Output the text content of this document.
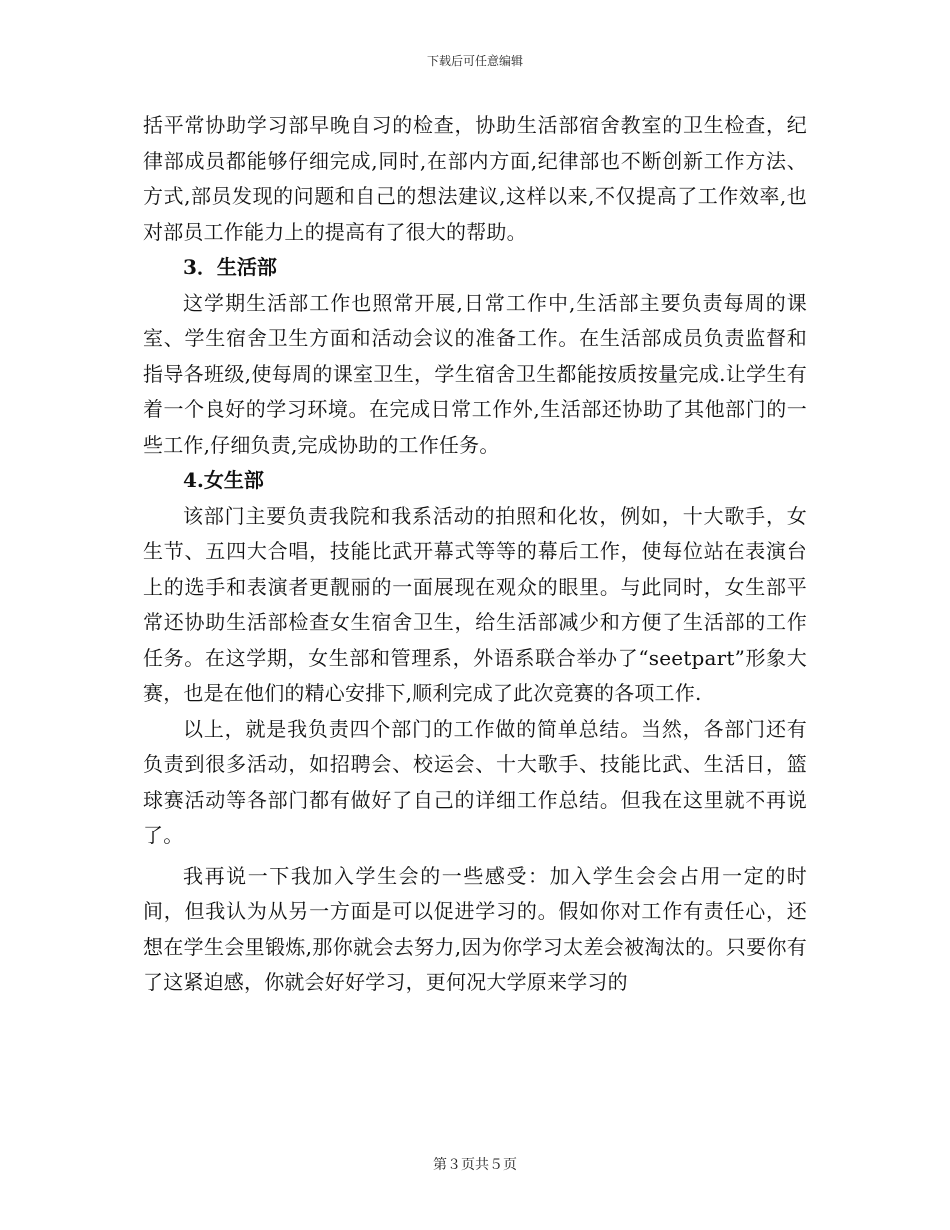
下载后可任意编辑

括平常协助学习部早晚自习的检查，协助生活部宿舍教室的卫生检查，纪律部成员都能够仔细完成,同时,在部内方面,纪律部也不断创新工作方法、方式,部员发现的问题和自己的想法建议,这样以来,不仅提高了工作效率,也对部员工作能力上的提高有了很大的帮助。

3．生活部

这学期生活部工作也照常开展,日常工作中,生活部主要负责每周的课室、学生宿舍卫生方面和活动会议的准备工作。在生活部成员负责监督和指导各班级,使每周的课室卫生，学生宿舍卫生都能按质按量完成.让学生有着一个良好的学习环境。在完成日常工作外,生活部还协助了其他部门的一些工作,仔细负责,完成协助的工作任务。

4.女生部

该部门主要负责我院和我系活动的拍照和化妆，例如，十大歌手，女生节、五四大合唱，技能比武开幕式等等的幕后工作，使每位站在表演台上的选手和表演者更靓丽的一面展现在观众的眼里。与此同时，女生部平常还协助生活部检查女生宿舍卫生，给生活部减少和方便了生活部的工作任务。在这学期，女生部和管理系，外语系联合举办了“seetpart”形象大赛，也是在他们的精心安排下,顺利完成了此次竞赛的各项工作.

以上，就是我负责四个部门的工作做的简单总结。当然，各部门还有负责到很多活动，如招聘会、校运会、十大歌手、技能比武、生活日，篮球赛活动等各部门都有做好了自己的详细工作总结。但我在这里就不再说了。

我再说一下我加入学生会的一些感受：加入学生会会占用一定的时间，但我认为从另一方面是可以促进学习的。假如你对工作有责任心，还想在学生会里锻炼,那你就会去努力,因为你学习太差会被淘汰的。只要你有了这紧迫感，你就会好好学习，更何况大学原来学习的

第３页共５页
